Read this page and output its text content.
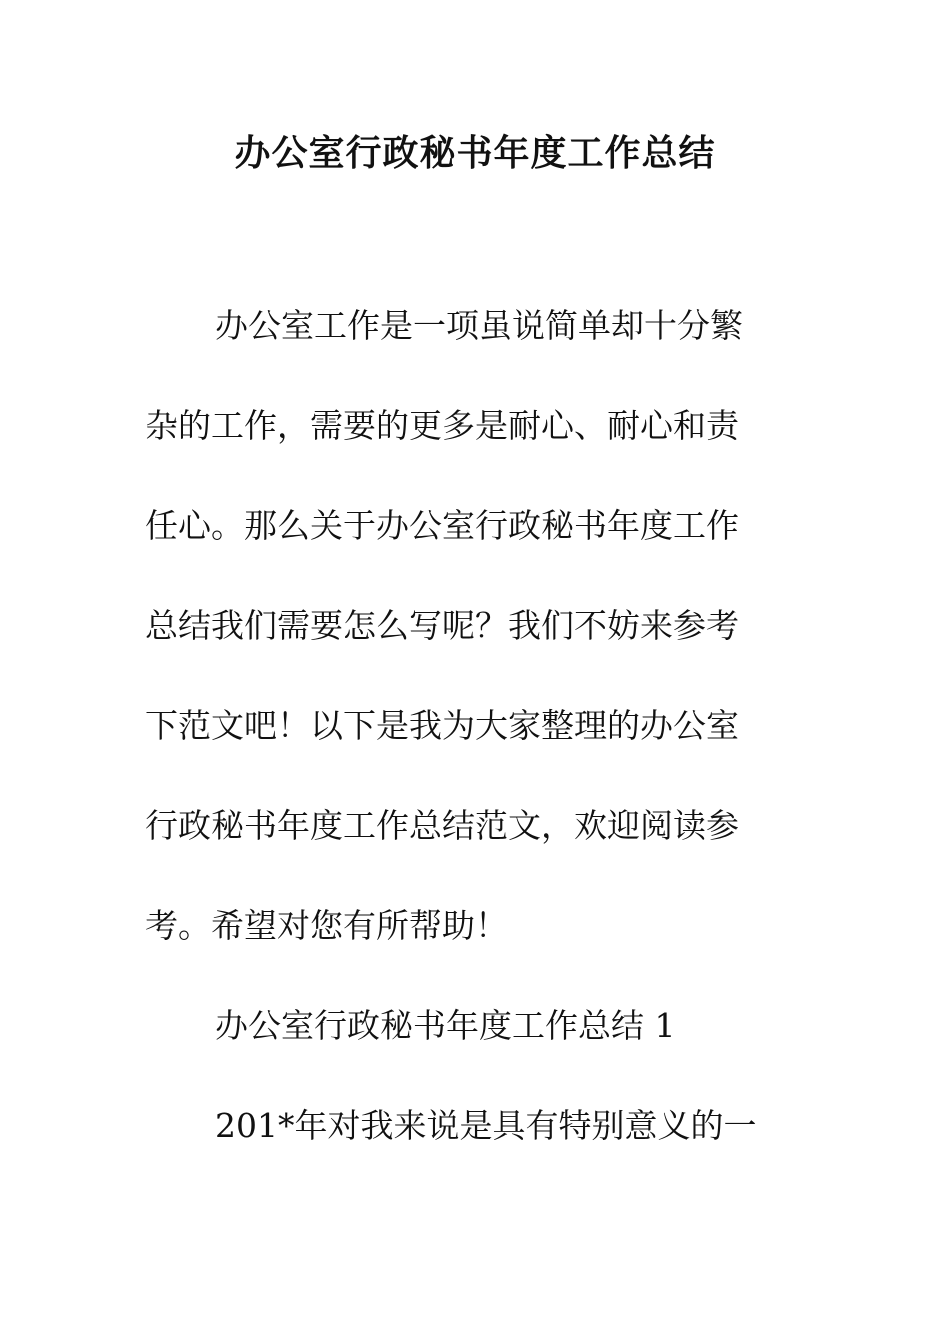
办公室行政秘书年度工作总结
办公室工作是一项虽说简单却十分繁
杂的工作，需要的更多是耐心、耐心和责
任心。那么关于办公室行政秘书年度工作
总结我们需要怎么写呢？我们不妨来参考
下范文吧！以下是我为大家整理的办公室
行政秘书年度工作总结范文，欢迎阅读参
考。希望对您有所帮助！
办公室行政秘书年度工作总结 1
201*年对我来说是具有特别意义的一
